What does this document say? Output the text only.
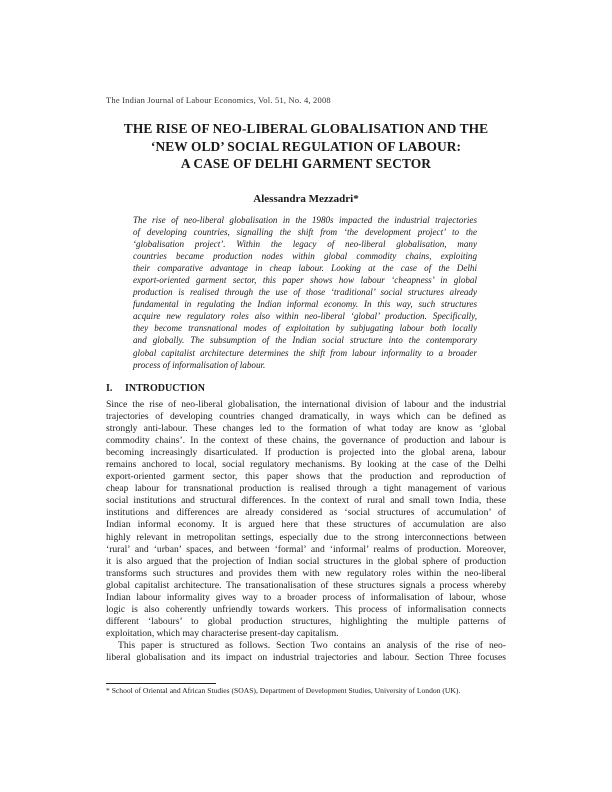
The Indian Journal of Labour Economics, Vol. 51, No. 4, 2008
THE RISE OF NEO-LIBERAL GLOBALISATION AND THE
‘NEW OLD’ SOCIAL REGULATION OF LABOUR:
A CASE OF DELHI GARMENT SECTOR
Alessandra Mezzadri*
The rise of neo-liberal globalisation in the 1980s impacted the industrial trajectories
of developing countries, signalling the shift from ‘the development project’ to the
‘globalisation project’. Within the legacy of neo-liberal globalisation, many
countries became production nodes within global commodity chains, exploiting
their comparative advantage in cheap labour. Looking at the case of the Delhi
export-oriented garment sector, this paper shows how labour ‘cheapness’ in global
production is realised through the use of those ‘traditional’ social structures already
fundamental in regulating the Indian informal economy. In this way, such structures
acquire new regulatory roles also within neo-liberal ‘global’ production. Specifically,
they become transnational modes of exploitation by subjugating labour both locally
and globally. The subsumption of the Indian social structure into the contemporary
global capitalist architecture determines the shift from labour informality to a broader
process of informalisation of labour.
I. INTRODUCTION
Since the rise of neo-liberal globalisation, the international division of labour and the industrial
trajectories of developing countries changed dramatically, in ways which can be defined as
strongly anti-labour. These changes led to the formation of what today are know as ‘global
commodity chains’. In the context of these chains, the governance of production and labour is
becoming increasingly disarticulated. If production is projected into the global arena, labour
remains anchored to local, social regulatory mechanisms. By looking at the case of the Delhi
export-oriented garment sector, this paper shows that the production and reproduction of
cheap labour for transnational production is realised through a tight management of various
social institutions and structural differences. In the context of rural and small town India, these
institutions and differences are already considered as ‘social structures of accumulation’ of
Indian informal economy. It is argued here that these structures of accumulation are also
highly relevant in metropolitan settings, especially due to the strong interconnections between
‘rural’ and ‘urban’ spaces, and between ‘formal’ and ‘informal’ realms of production. Moreover,
it is also argued that the projection of Indian social structures in the global sphere of production
transforms such structures and provides them with new regulatory roles within the neo-liberal
global capitalist architecture. The transationalisation of these structures signals a process whereby
Indian labour informality gives way to a broader process of informalisation of labour, whose
logic is also coherently unfriendly towards workers. This process of informalisation connects
different ‘labours’ to global production structures, highlighting the multiple patterns of
exploitation, which may characterise present-day capitalism.
This paper is structured as follows. Section Two contains an analysis of the rise of neo-
liberal globalisation and its impact on industrial trajectories and labour. Section Three focuses
* School of Oriental and African Studies (SOAS), Department of Development Studies, University of London (UK).
